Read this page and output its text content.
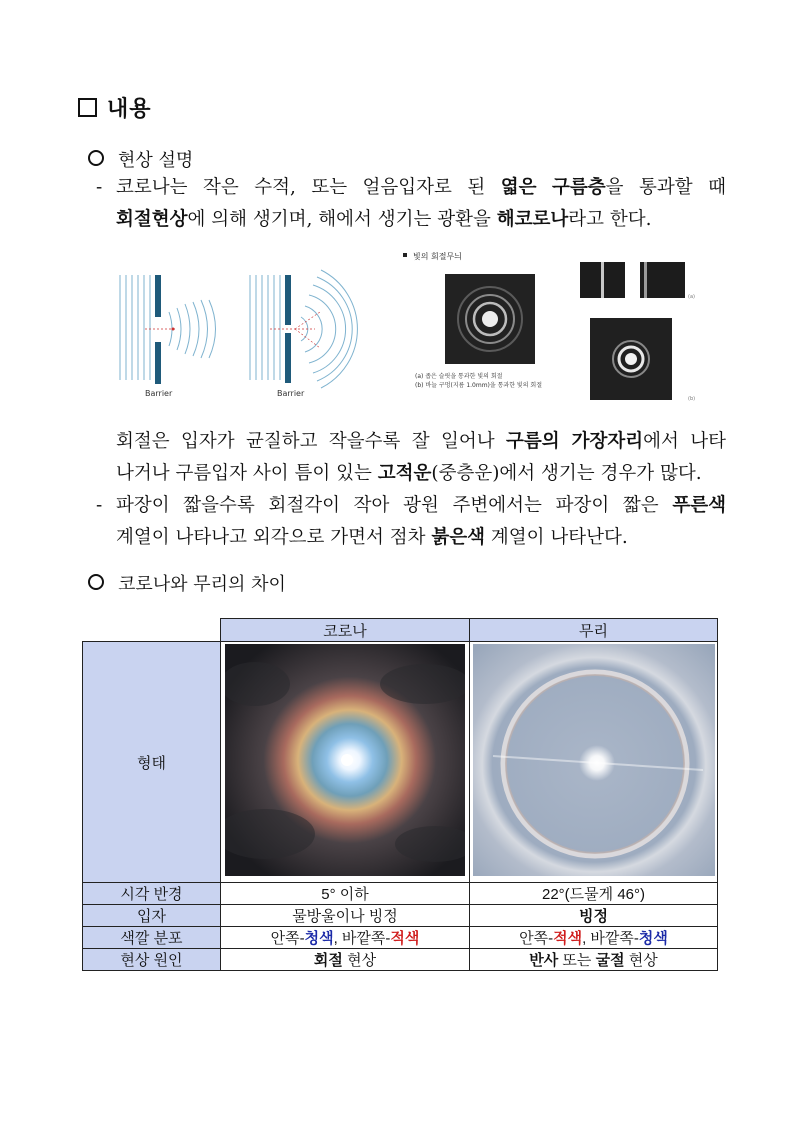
내용
현상 설명
- 코로나는 작은 수적, 또는 얼음입자로 된 엷은 구름층을 통과할 때
회절현상에 의해 생기며, 해에서 생기는 광환을 해코로나라고 한다.
Barrier	Barrier
빛의 회절무늬
(a) 좁은 슬릿을 통과한 빛의 회절
(b) 바늘 구멍(지름 1.0mm)을 통과한 빛의 회절
(a)
(b)
회절은 입자가 균질하고 작을수록 잘 일어나 구름의 가장자리에서 나타
나거나 구름입자 사이 틈이 있는 고적운(중층운)에서 생기는 경우가 많다.
- 파장이 짧을수록 회절각이 작아 광원 주변에서는 파장이 짧은 푸른색
계열이 나타나고 외각으로 가면서 점차 붉은색 계열이 나타난다.
코로나와 무리의 차이
	코로나	무리
형태		
시각 반경	5° 이하	22°(드물게 46°)
입자	물방울이나 빙정	빙정
색깔 분포	안쪽-청색, 바깥쪽-적색	안쪽-적색, 바깥쪽-청색
현상 원인	회절 현상	반사 또는 굴절 현상
